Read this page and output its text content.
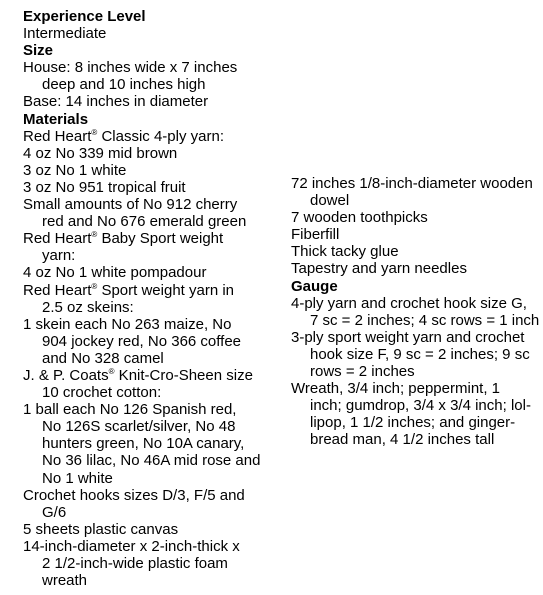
Experience Level

Intermediate

Size

House: 8 inches wide x 7 inches

deep and 10 inches high

Base: 14 inches in diameter

Materials

Red Heart® Classic 4-ply yarn:

4 oz No 339 mid brown

3 oz No 1 white

3 oz No 951 tropical fruit

Small amounts of No 912 cherry

red and No 676 emerald green

Red Heart® Baby Sport weight

yarn:

4 oz No 1 white pompadour

Red Heart® Sport weight yarn in

2.5 oz skeins:

1 skein each No 263 maize, No

904 jockey red, No 366 coffee

and No 328 camel

J. & P. Coats® Knit-Cro-Sheen size

10 crochet cotton:

1 ball each No 126 Spanish red,

No 126S scarlet/silver, No 48

hunters green, No 10A canary,

No 36 lilac, No 46A mid rose and

No 1 white

Crochet hooks sizes D/3, F/5 and

G/6

5 sheets plastic canvas

14-inch-diameter x 2-inch-thick x

2 1/2-inch-wide plastic foam

wreath

72 inches 1/8-inch-diameter wooden

dowel

7 wooden toothpicks

Fiberfill

Thick tacky glue

Tapestry and yarn needles

Gauge

4-ply yarn and crochet hook size G,

7 sc = 2 inches; 4 sc rows = 1 inch

3-ply sport weight yarn and crochet

hook size F, 9 sc = 2 inches; 9 sc

rows = 2 inches

Wreath, 3/4 inch; peppermint, 1

inch; gumdrop, 3/4 x 3/4 inch; lol-

lipop, 1 1/2 inches; and ginger-

bread man, 4 1/2 inches tall
